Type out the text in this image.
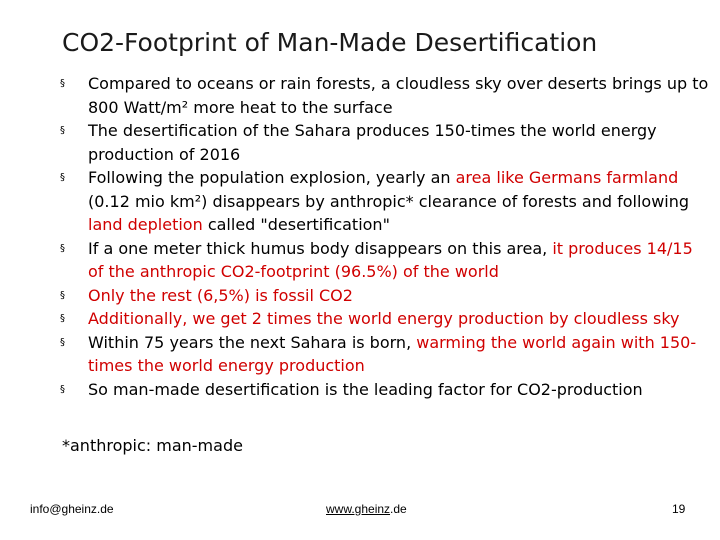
CO2-Footprint of Man-Made Desertification
§ Compared to oceans or rain forests, a cloudless sky over deserts brings up to 800 Watt/m² more heat to the surface
§ The desertification of the Sahara produces 150-times the world energy production of 2016
§ Following the population explosion, yearly an area like Germans farmland (0.12 mio km²) disappears by anthropic* clearance of forests and following land depletion called "desertification"
§ If a one meter thick humus body disappears on this area, it produces 14/15 of the anthropic CO2-footprint (96.5%) of the world
§ Only the rest (6,5%) is fossil CO2
§ Additionally, we get 2 times the world energy production by cloudless sky
§ Within 75 years the next Sahara is born, warming the world again with 150-times the world energy production
§ So man-made desertification is the leading factor for CO2-production
*anthropic: man-made
info@gheinz.de	www.gheinz.de	19
